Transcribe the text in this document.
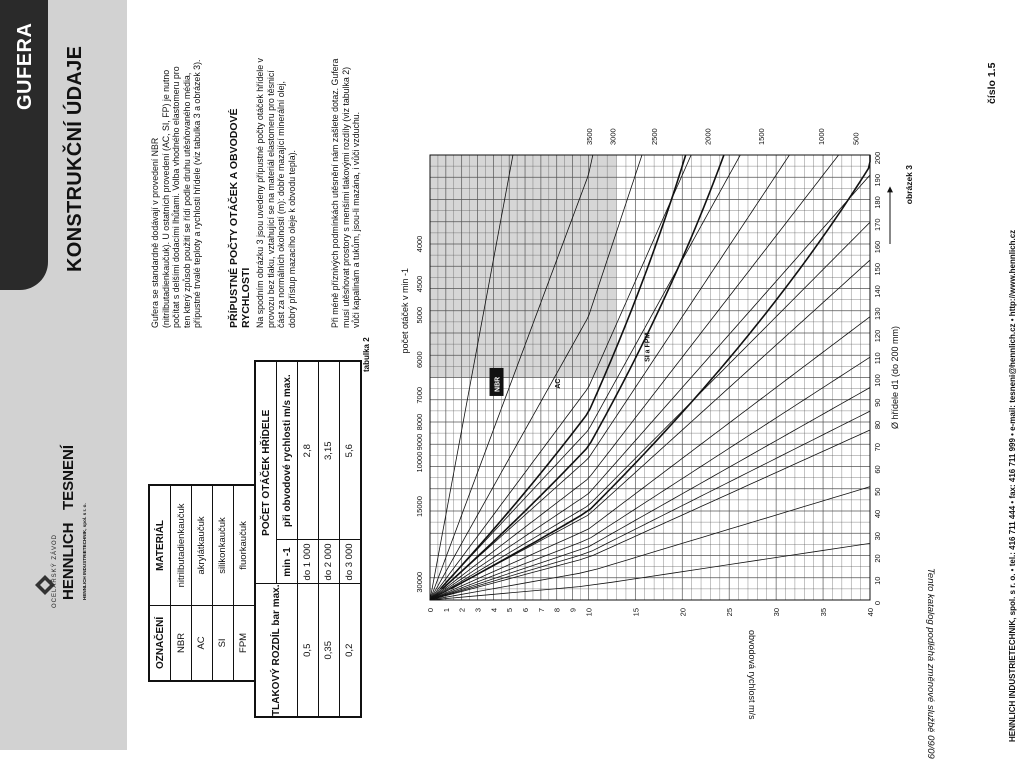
GUFERA KONSTRUKČNÍ ÚDAJE
OCELÁŘSKÝ ZÁVOD HENNLICH
TESNENÍ
HENNLICH INDUSTRIETECHNIK, spol. s r. o.
OZNAČENÍ	MATERIÁL
NBR	nitrilbutadienkaučuk
AC	akrylátkaučuk
SI	silikonkaučuk
FPM	fluorkaučuk
TLAKOVÝ ROZDÍL bar max.	POČET OTÁČEK HŘÍDELE	
	min -1	při obvodové rychlosti m/s max.
0,5	do 1 000	2,8
0,35	do 2 000	3,15
0,2	do 3 000	5,6
tabulka 2
Gufera se standardně dodávají v provedení NBR (nitrilbutadienkaučuk). U ostatních provedení (AC, SI, FP) je nutno počítat s delšími dodacími lhůtami. Volba vhodného elastomeru pro ten který způsob použití se řídí podle druhu utěsňovaného média, přípustné trvalé teploty a rychlosti hřídele (viz tabulka 3 a obrázek 3). PŘÍPUSTNÉ POČTY OTÁČEK A OBVODOVÉ RYCHLOSTI Na spodním obrázku 3 jsou uvedeny přípustné počty otáček hřídele v provozu bez tlaku, vztahující se na materiál elastomeru pro těsnicí část za normálních okolností (m): dobře mazající minerální olej, dobrý přístup mazacího oleje k obvodu tepla).	Při méně příznivých podmínkách utěsnění nám zašlete dotaz. Gufera musí utěsňovat prostory s menšími tlakovými rozdíly (viz tabulka 2) vůči kapalinám a tukům, jsou-li mazána, i vůči vzduchu.
SI a FPM
AC
NBR
0
10
20
30
40
50
60
70
80
90
100
110
120
130
140
150
160
170
180
190
200
0 1 2 3 4 5 6 7 8 9 10	15	20	25	30	35	40
30000
15000
10000
9000
8000
7000
6000
5000
4500
4000
3500 3000	2500	2000	1500	1000	500
Ø hřídele d1 (do 200 mm)
obvodová rychlost m/s
počet otáček v min -1
obrázek 3
Tento katalog podléhá změnové službě 09/09	HENNLICH INDUSTRIETECHNIK, spol. s r. o. • tel.: 416 711 444 • fax: 416 711 999 • e-mail: tesneni@hennlich.cz • http://www.hennlich.cz
číslo 1.5
